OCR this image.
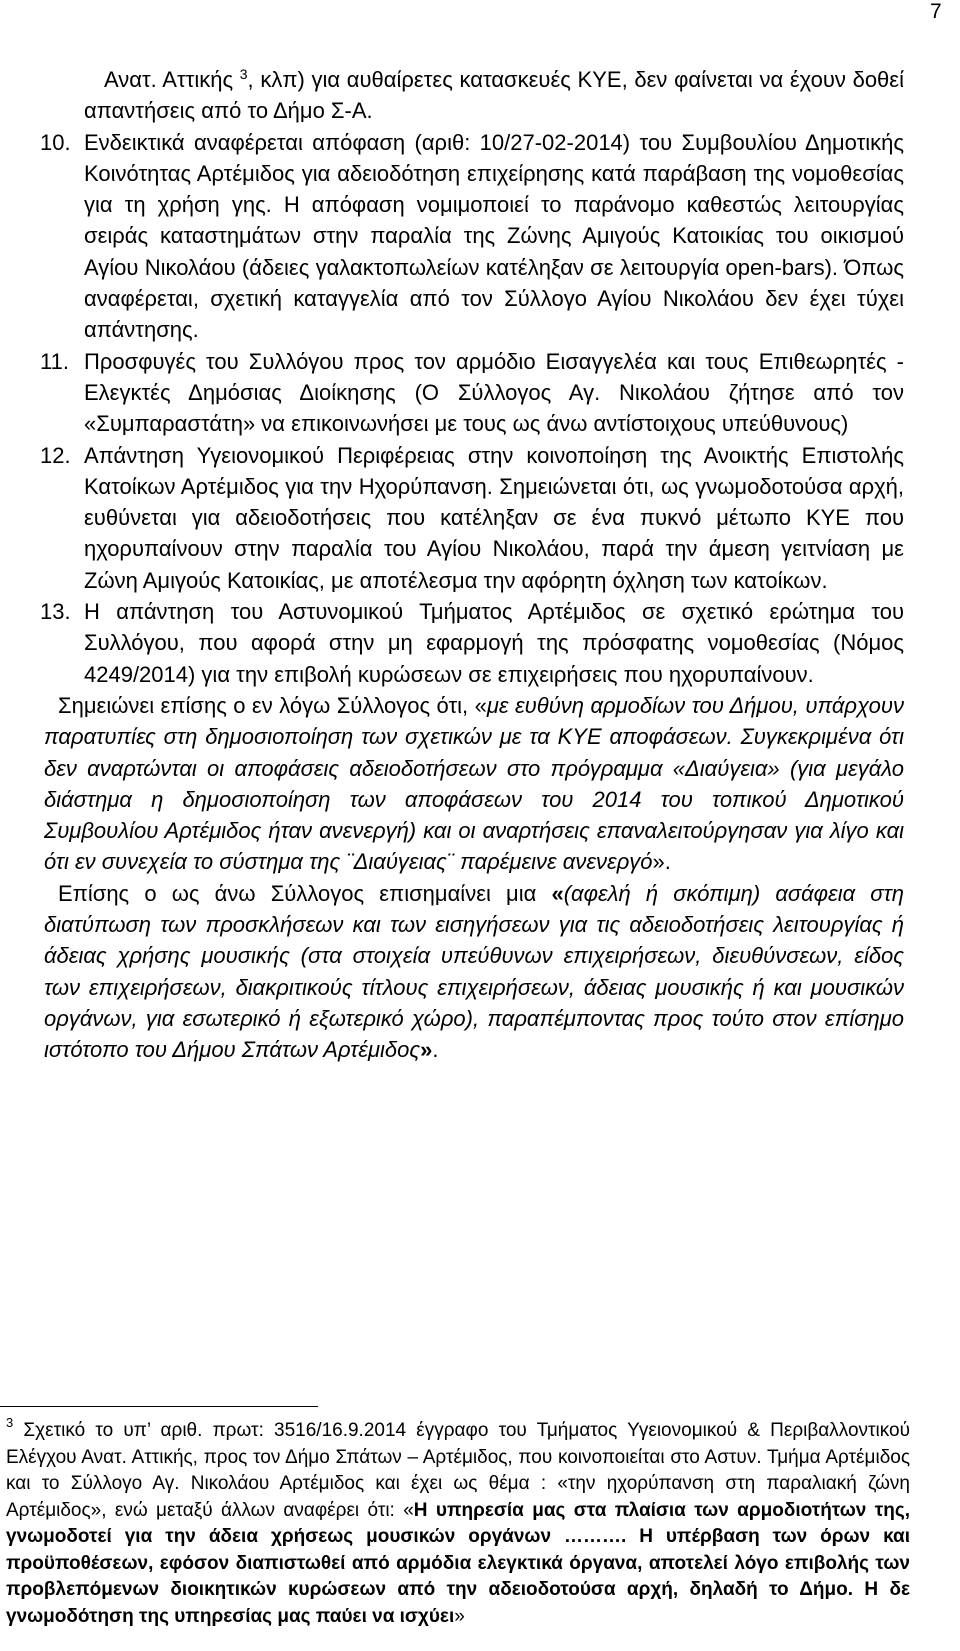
7

Ανατ. Αττικής $^3$, κλπ) για αυθαίρετες κατασκευές ΚΥΕ, δεν φαίνεται να έχουν δοθεί απαντήσεις από το Δήμο Σ-Α.

10. Ενδεικτικά αναφέρεται απόφαση (αριθ: 10/27-02-2014) του Συμβουλίου Δημοτικής Κοινότητας Αρτέμιδος για αδειοδότηση επιχείρησης κατά παράβαση της νομοθεσίας για τη χρήση γης. Η απόφαση νομιμοποιεί το παράνομο καθεστώς λειτουργίας σειράς καταστημάτων στην παραλία της Ζώνης Αμιγούς Κατοικίας του οικισμού Αγίου Νικολάου (άδειες γαλακτοπωλείων κατέληξαν σε λειτουργία open-bars). Όπως αναφέρεται, σχετική καταγγελία από τον Σύλλογο Αγίου Νικολάου δεν έχει τύχει απάντησης.

11. Προσφυγές του Συλλόγου προς τον αρμόδιο Εισαγγελέα και τους Επιθεωρητές - Ελεγκτές Δημόσιας Διοίκησης (Ο Σύλλογος Αγ. Νικολάου ζήτησε από τον «Συμπαραστάτη» να επικοινωνήσει με τους ως άνω αντίστοιχους υπεύθυνους)

12. Απάντηση Υγειονομικού Περιφέρειας στην κοινοποίηση της Ανοικτής Επιστολής Κατοίκων Αρτέμιδος για την Ηχορύπανση. Σημειώνεται ότι, ως γνωμοδοτούσα αρχή, ευθύνεται για αδειοδοτήσεις που κατέληξαν σε ένα πυκνό μέτωπο ΚΥΕ που ηχορυπαίνουν στην παραλία του Αγίου Νικολάου, παρά την άμεση γειτνίαση με Ζώνη Αμιγούς Κατοικίας, με αποτέλεσμα την αφόρητη όχληση των κατοίκων.

13. Η απάντηση του Αστυνομικού Τμήματος Αρτέμιδος σε σχετικό ερώτημα του Συλλόγου, που αφορά στην μη εφαρμογή της πρόσφατης νομοθεσίας (Νόμος 4249/2014) για την επιβολή κυρώσεων σε επιχειρήσεις που ηχορυπαίνουν.

Σημειώνει επίσης ο εν λόγω Σύλλογος ότι, «με ευθύνη αρμοδίων του Δήμου, υπάρχουν παρατυπίες στη δημοσιοποίηση των σχετικών με τα ΚΥΕ αποφάσεων. Συγκεκριμένα ότι δεν αναρτώνται οι αποφάσεις αδειοδοτήσεων στο πρόγραμμα «Διαύγεια» (για μεγάλο διάστημα η δημοσιοποίηση των αποφάσεων του 2014 του τοπικού Δημοτικού Συμβουλίου Αρτέμιδος ήταν ανενεργή) και οι αναρτήσεις επαναλειτούργησαν για λίγο και ότι εν συνεχεία το σύστημα της ¨Διαύγειας¨ παρέμεινε ανενεργό».

Επίσης ο ως άνω Σύλλογος επισημαίνει μια «(αφελή ή σκόπιμη) ασάφεια στη διατύπωση των προσκλήσεων και των εισηγήσεων για τις αδειοδοτήσεις λειτουργίας ή άδειας χρήσης μουσικής (στα στοιχεία υπεύθυνων επιχειρήσεων, διευθύνσεων, είδος των επιχειρήσεων, διακριτικούς τίτλους επιχειρήσεων, άδειας μουσικής ή και μουσικών οργάνων, για εσωτερικό ή εξωτερικό χώρο), παραπέμποντας προς τούτο στον επίσημο ιστότοπο του Δήμου Σπάτων Αρτέμιδος».

$^3$ Σχετικό το υπ’ αριθ. πρωτ: 3516/16.9.2014 έγγραφο του Τμήματος Υγειονομικού & Περιβαλλοντικού Ελέγχου Ανατ. Αττικής, προς τον Δήμο Σπάτων – Αρτέμιδος, που κοινοποιείται στο Αστυν. Τμήμα Αρτέμιδος και το Σύλλογο Αγ. Νικολάου Αρτέμιδος και έχει ως θέμα : «την ηχορύπανση στη παραλιακή ζώνη Αρτέμιδος», ενώ μεταξύ άλλων αναφέρει ότι: «Η υπηρεσία μας στα πλαίσια των αρμοδιοτήτων της, γνωμοδοτεί για την άδεια χρήσεως μουσικών οργάνων ………. Η υπέρβαση των όρων και προϋποθέσεων, εφόσον διαπιστωθεί από αρμόδια ελεγκτικά όργανα, αποτελεί λόγο επιβολής των προβλεπόμενων διοικητικών κυρώσεων από την αδειοδοτούσα αρχή, δηλαδή το Δήμο. Η δε γνωμοδότηση της υπηρεσίας μας παύει να ισχύει»
